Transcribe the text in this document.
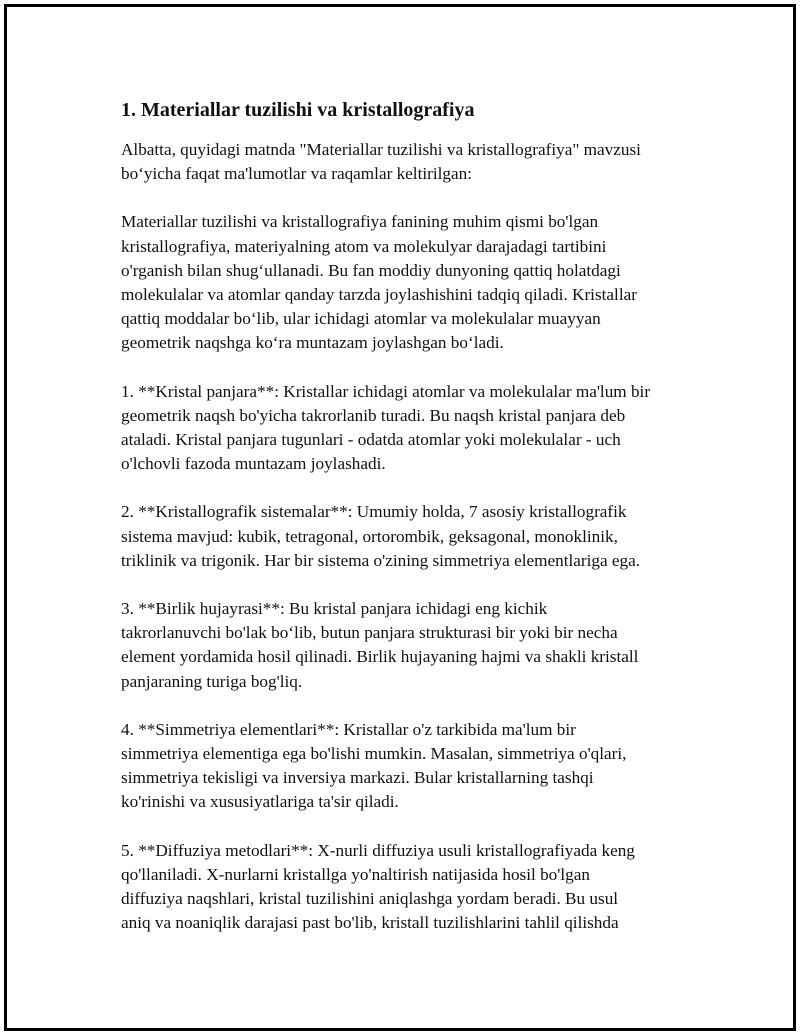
1. Materiallar tuzilishi va kristallografiya

Albatta, quyidagi matnda "Materiallar tuzilishi va kristallografiya" mavzusi
bo‘yicha faqat ma'lumotlar va raqamlar keltirilgan:

Materiallar tuzilishi va kristallografiya fanining muhim qismi bo'lgan
kristallografiya, materiyalning atom va molekulyar darajadagi tartibini
o'rganish bilan shug‘ullanadi. Bu fan moddiy dunyoning qattiq holatdagi
molekulalar va atomlar qanday tarzda joylashishini tadqiq qiladi. Kristallar
qattiq moddalar bo‘lib, ular ichidagi atomlar va molekulalar muayyan
geometrik naqshga ko‘ra muntazam joylashgan bo‘ladi.

1. **Kristal panjara**: Kristallar ichidagi atomlar va molekulalar ma'lum bir
geometrik naqsh bo'yicha takrorlanib turadi. Bu naqsh kristal panjara deb
ataladi. Kristal panjara tugunlari - odatda atomlar yoki molekulalar - uch
o'lchovli fazoda muntazam joylashadi.

2. **Kristallografik sistemalar**: Umumiy holda, 7 asosiy kristallografik
sistema mavjud: kubik, tetragonal, ortorombik, geksagonal, monoklinik,
triklinik va trigonik. Har bir sistema o'zining simmetriya elementlariga ega.

3. **Birlik hujayrasi**: Bu kristal panjara ichidagi eng kichik
takrorlanuvchi bo'lak bo‘lib, butun panjara strukturasi bir yoki bir necha
element yordamida hosil qilinadi. Birlik hujayaning hajmi va shakli kristall
panjaraning turiga bog'liq.

4. **Simmetriya elementlari**: Kristallar o'z tarkibida ma'lum bir
simmetriya elementiga ega bo'lishi mumkin. Masalan, simmetriya o'qlari,
simmetriya tekisligi va inversiya markazi. Bular kristallarning tashqi
ko'rinishi va xususiyatlariga ta'sir qiladi.

5. **Diffuziya metodlari**: X-nurli diffuziya usuli kristallografiyada keng
qo'llaniladi. X-nurlarni kristallga yo'naltirish natijasida hosil bo'lgan
diffuziya naqshlari, kristal tuzilishini aniqlashga yordam beradi. Bu usul
aniq va noaniqlik darajasi past bo'lib, kristall tuzilishlarini tahlil qilishda
